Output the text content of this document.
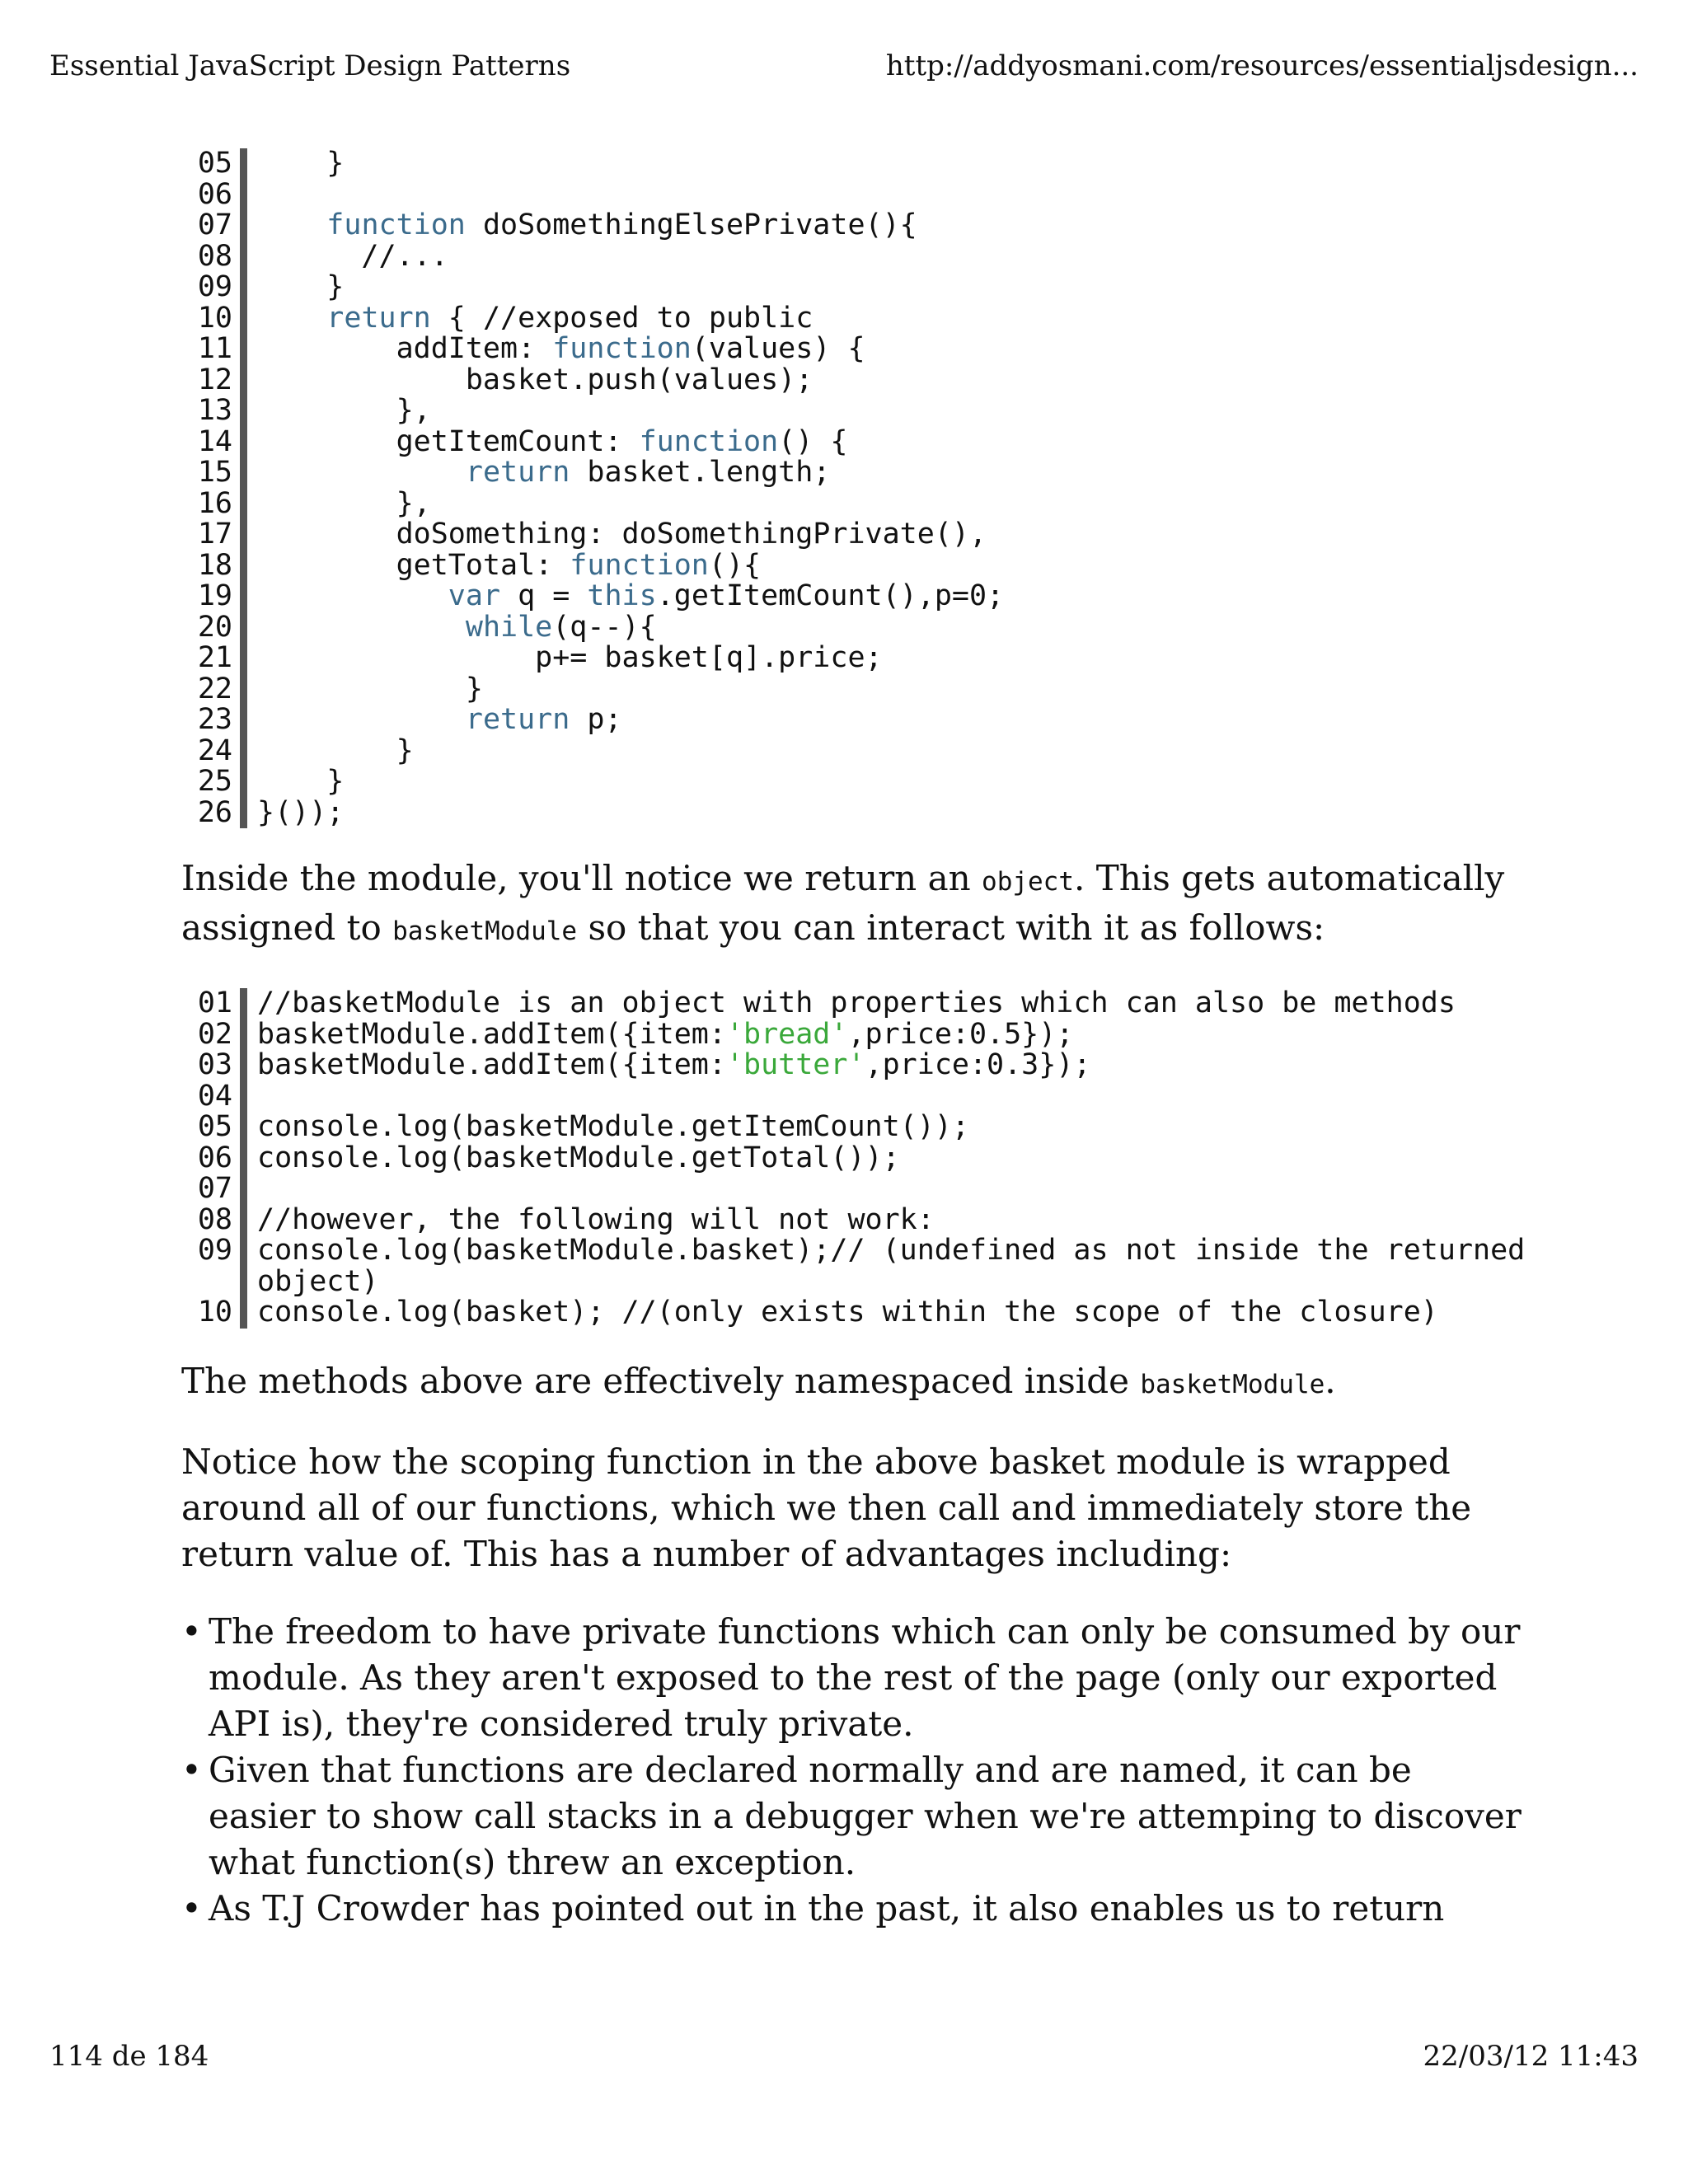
Essential JavaScript Design Patterns	http://addyosmani.com/resources/essentialjsdesign...
05 }
06

07	function doSomethingElsePrivate(){
08 //...
09 }
10	return { //exposed to public
11 addItem: function(values) {
12 basket.push(values);
13 },
14 getItemCount: function() {
15	return basket.length;
16 },
17 doSomething: doSomethingPrivate(),
18 getTotal: function(){
19	var q = this.getItemCount(),p=0;
20	while(q--){
21 p+= basket[q].price;
22 }
23	return p;
24 }
25 }
26 }());

Inside the module, you'll notice we return an object. This gets automatically assigned to basketModule so that you can interact with it as follows:

01 //basketModule is an object with properties which can also be methods
02 basketModule.addItem({item:'bread',price:0.5});
03 basketModule.addItem({item:'butter',price:0.3});
04

05 console.log(basketModule.getItemCount());
06 console.log(basketModule.getTotal());
07

08 //however, the following will not work:
09 console.log(basketModule.basket);// (undefined as not inside the returned object)
10 console.log(basket); //(only exists within the scope of the closure)

The methods above are effectively namespaced inside basketModule.

Notice how the scoping function in the above basket module is wrapped around all of our functions, which we then call and immediately store the return value of. This has a number of advantages including:

• The freedom to have private functions which can only be consumed by our module. As they aren't exposed to the rest of the page (only our exported API is), they're considered truly private.
• Given that functions are declared normally and are named, it can be easier to show call stacks in a debugger when we're attemping to discover what function(s) threw an exception.
• As T.J Crowder has pointed out in the past, it also enables us to return
114 de 184	22/03/12 11:43
